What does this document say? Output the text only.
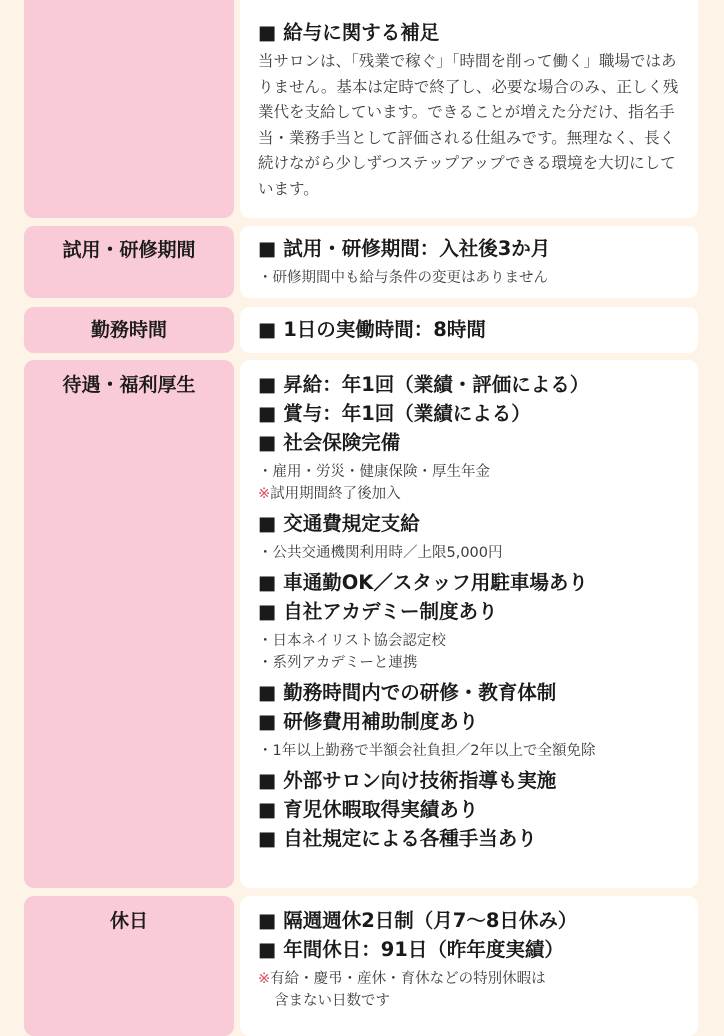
■ 給与に関する補足

当サロンは、「残業で稼ぐ」「時間を削って働く」職場ではありません。基本は定時で終了し、必要な場合のみ、正しく残業代を支給しています。できることが増えた分だけ、指名手当・業務手当として評価される仕組みです。無理なく、長く続けながら少しずつステップアップできる環境を大切にしています。

試用・研修期間	■ 試用・研修期間：入社後3か月
・研修期間中も給与条件の変更はありません
勤務時間	■ 1日の実働時間：8時間
待遇・福利厚生	■ 昇給：年1回（業績・評価による）
■ 賞与：年1回（業績による）
■ 社会保険完備
・雇用・労災・健康保険・厚生年金
※試用期間終了後加入
■ 交通費規定支給
・公共交通機関利用時／上限5,000円
■ 車通勤OK／スタッフ用駐車場あり
■ 自社アカデミー制度あり
・日本ネイリスト協会認定校
・系列アカデミーと連携
■ 勤務時間内での研修・教育体制
■ 研修費用補助制度あり
・1年以上勤務で半額会社負担／2年以上で全額免除
■ 外部サロン向け技術指導も実施
■ 育児休暇取得実績あり
■ 自社規定による各種手当あり
休日	■ 隔週週休2日制（月7〜8日休み）
■ 年間休日：91日（昨年度実績）
※有給・慶弔・産休・育休などの特別休暇は
含まない日数です
